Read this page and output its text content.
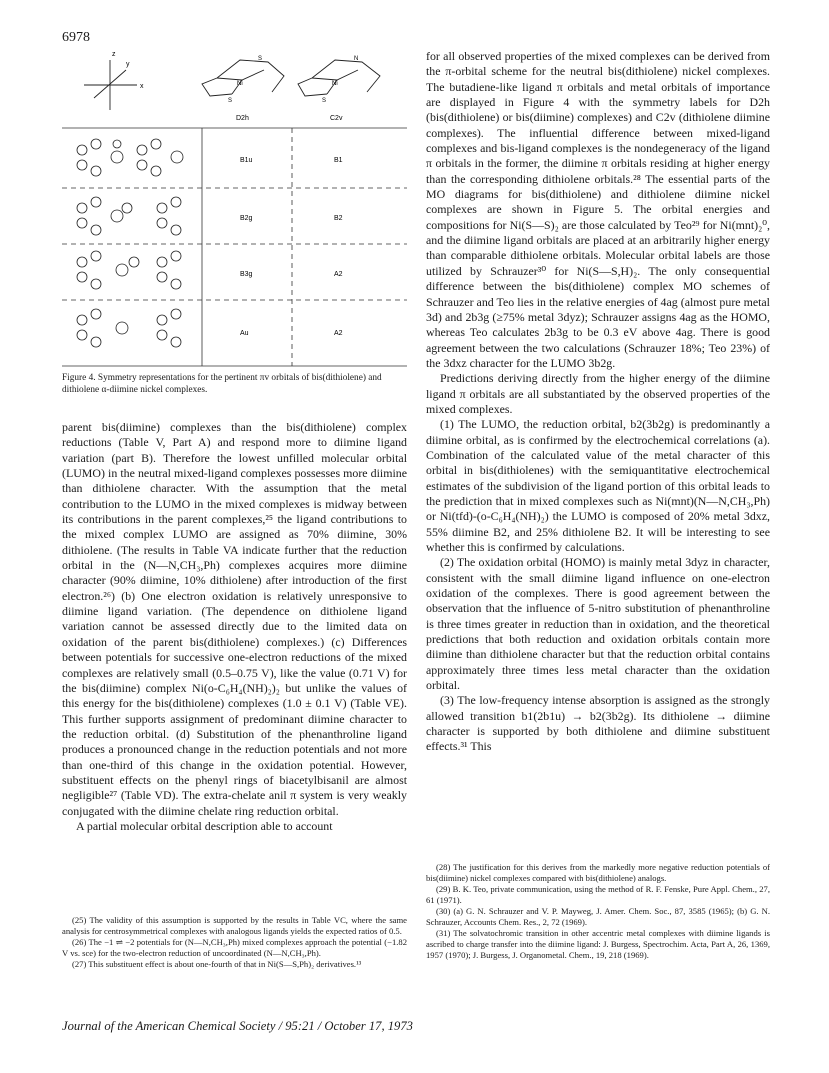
6978
z
y
x
S
Ni
S
N
Ni
S
D2h	C2v
B1u	B1
B2g	B2
B3g	A2
Au	A2
Figure 4. Symmetry representations for the pertinent πv orbitals of bis(dithiolene) and dithiolene α-diimine nickel complexes.

parent bis(diimine) complexes than the bis(dithiolene) complex reductions (Table V, Part A) and respond more to diimine ligand variation (part B). Therefore the lowest unfilled molecular orbital (LUMO) in the neutral mixed-ligand complexes possesses more diimine than dithiolene character. With the assumption that the metal contribution to the LUMO in the mixed complexes is midway between its contributions in the parent complexes,²⁵ the ligand contributions to the mixed complex LUMO are assigned as 70% diimine, 30% dithiolene. (The results in Table VA indicate further that the reduction orbital in the (N—N,CH₃,Ph) complexes acquires more diimine character (90% diimine, 10% dithiolene) after introduction of the first electron.²⁶) (b) One electron oxidation is relatively unresponsive to diimine ligand variation. (The dependence on dithiolene ligand variation cannot be assessed directly due to the limited data on oxidation of the parent bis(dithiolene) complexes.) (c) Differences between potentials for successive one-electron reductions of the mixed complexes are relatively small (0.5–0.75 V), like the value (0.71 V) for the bis(diimine) complex Ni(o-C₆H₄(NH)₂)₂ but unlike the values of this energy for the bis(dithiolene) complexes (1.0 ± 0.1 V) (Table VE). This further supports assignment of predominant diimine character to the reduction orbital. (d) Substitution of the phenanthroline ligand produces a pronounced change in the reduction potentials and not more than one-third of this change in the oxidation potential. However, substituent effects on the phenyl rings of biacetylbisanil are almost negligible²⁷ (Table VD). The extra-chelate anil π system is very weakly conjugated with the diimine chelate ring reduction orbital.

A partial molecular orbital description able to account

(25) The validity of this assumption is supported by the results in Table VC, where the same analysis for centrosymmetrical complexes with analogous ligands yields the expected ratios of 0.5.

(26) The −1 ⇌ −2 potentials for (N—N,CH₃,Ph) mixed complexes approach the potential (−1.82 V vs. sce) for the two-electron reduction of uncoordinated (N—N,CH₃,Ph).

(27) This substituent effect is about one-fourth of that in Ni(S—S,Ph)₂ derivatives.¹³

for all observed properties of the mixed complexes can be derived from the π-orbital scheme for the neutral bis(dithiolene) nickel complexes. The butadiene-like ligand π orbitals and metal orbitals of importance are displayed in Figure 4 with the symmetry labels for D2h (bis(dithiolene) or bis(diimine) complexes) and C2v (dithiolene diimine complexes). The influential difference between mixed-ligand complexes and bis-ligand complexes is the nondegeneracy of the ligand π orbitals in the former, the diimine π orbitals residing at higher energy than the corresponding dithiolene orbitals.²⁸ The essential parts of the MO diagrams for bis(dithiolene) and dithiolene diimine nickel complexes are shown in Figure 5. The orbital energies and compositions for Ni(S—S)₂ are those calculated by Teo²⁹ for Ni(mnt)₂⁰, and the diimine ligand orbitals are placed at an arbitrarily higher energy than comparable dithiolene orbitals. Molecular orbital labels are those utilized by Schrauzer³⁰ for Ni(S—S,H)₂. The only consequential difference between the bis(dithiolene) complex MO schemes of Schrauzer and Teo lies in the relative energies of 4ag (almost pure metal 3d) and 2b3g (≥75% metal 3dyz); Schrauzer assigns 4ag as the HOMO, whereas Teo calculates 2b3g to be 0.3 eV above 4ag. There is good agreement between the two calculations (Schrauzer 18%; Teo 23%) of the 3dxz character for the LUMO 3b2g.

Predictions deriving directly from the higher energy of the diimine ligand π orbitals are all substantiated by the observed properties of the mixed complexes.

(1) The LUMO, the reduction orbital, b2(3b2g) is predominantly a diimine orbital, as is confirmed by the electrochemical correlations (a). Combination of the calculated value of the metal character of this orbital in bis(dithiolenes) with the semiquantitative electrochemical estimates of the subdivision of the ligand portion of this orbital leads to the prediction that in mixed complexes such as Ni(mnt)(N—N,CH₃,Ph) or Ni(tfd)-(o-C₆H₄(NH)₂) the LUMO is composed of 20% metal 3dxz, 55% diimine B2, and 25% dithiolene B2. It will be interesting to see whether this is confirmed by calculations.

(2) The oxidation orbital (HOMO) is mainly metal 3dyz in character, consistent with the small diimine ligand influence on one-electron oxidation of the complexes. There is good agreement between the observation that the influence of 5-nitro substitution of phenanthroline is three times greater in reduction than in oxidation, and the theoretical predictions that both reduction and oxidation orbitals contain more diimine than dithiolene character but that the reduction orbital contains approximately three times less metal character than the oxidation orbital.

(3) The low-frequency intense absorption is assigned as the strongly allowed transition b1(2b1u) → b2(3b2g). Its dithiolene → diimine character is supported by both dithiolene and diimine substituent effects.³¹ This

(28) The justification for this derives from the markedly more negative reduction potentials of bis(diimine) nickel complexes compared with bis(dithiolene) analogs.

(29) B. K. Teo, private communication, using the method of R. F. Fenske, Pure Appl. Chem., 27, 61 (1971).

(30) (a) G. N. Schrauzer and V. P. Mayweg, J. Amer. Chem. Soc., 87, 3585 (1965); (b) G. N. Schrauzer, Accounts Chem. Res., 2, 72 (1969).

(31) The solvatochromic transition in other accentric metal complexes with diimine ligands is ascribed to charge transfer into the diimine ligand: J. Burgess, Spectrochim. Acta, Part A, 26, 1369, 1957 (1970); J. Burgess, J. Organometal. Chem., 19, 218 (1969).

Journal of the American Chemical Society / 95:21 / October 17, 1973
